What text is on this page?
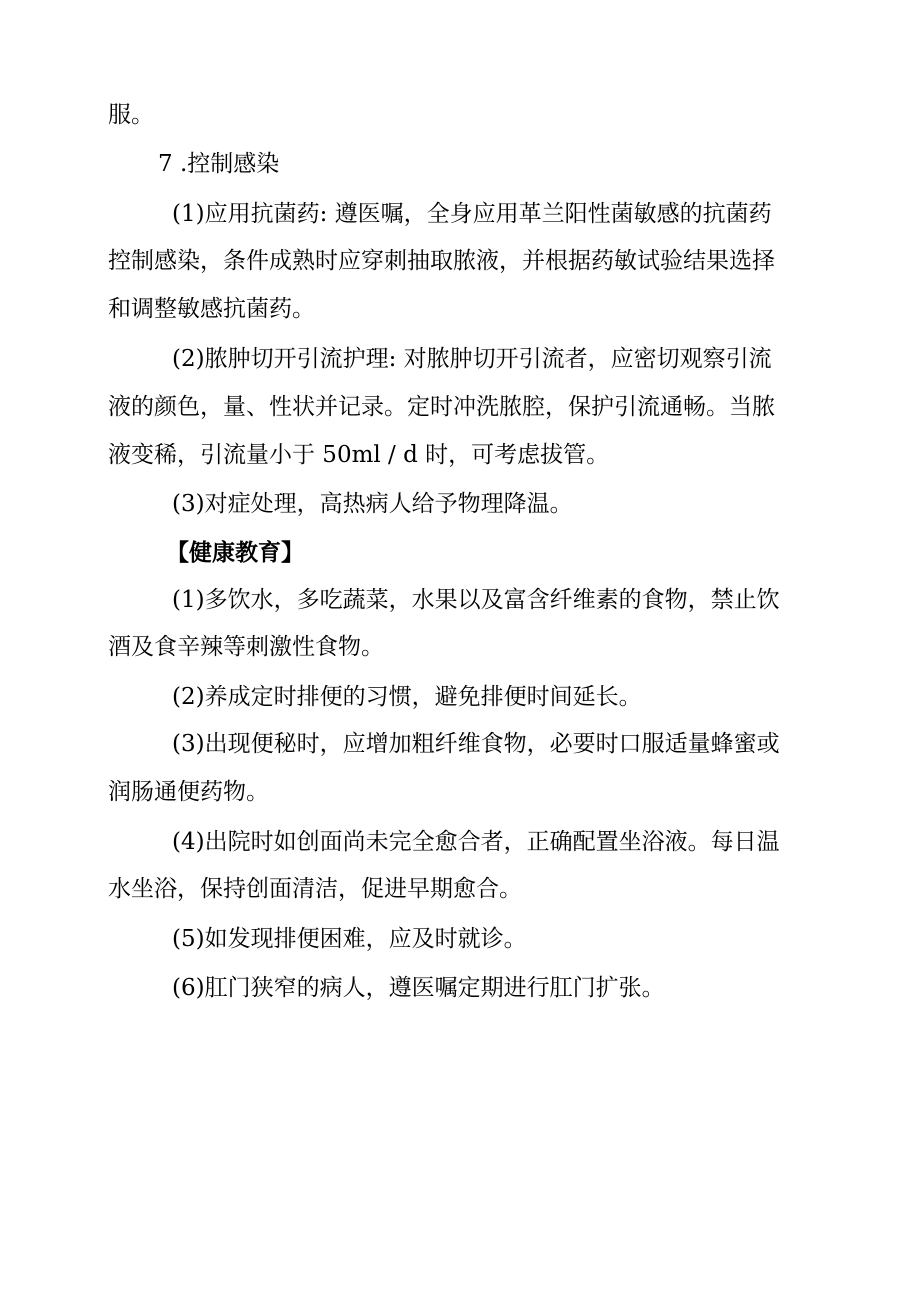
服。
7 .控制感染
(1)应用抗菌药: 遵医嘱，全身应用革兰阳性菌敏感的抗菌药
控制感染，条件成熟时应穿刺抽取脓液，并根据药敏试验结果选择
和调整敏感抗菌药。
(2)脓肿切开引流护理: 对脓肿切开引流者，应密切观察引流
液的颜色，量、性状并记录。定时冲洗脓腔，保护引流通畅。当脓
液变稀，引流量小于 50ml / d 时，可考虑拔管。
(3)对症处理，高热病人给予物理降温。
【健康教育】
(1)多饮水，多吃蔬菜，水果以及富含纤维素的食物，禁止饮
酒及食辛辣等刺激性食物。
(2)养成定时排便的习惯，避免排便时间延长。
(3)出现便秘时，应增加粗纤维食物，必要时口服适量蜂蜜或
润肠通便药物。
(4)出院时如创面尚未完全愈合者，正确配置坐浴液。每日温
水坐浴，保持创面清洁，促进早期愈合。
(5)如发现排便困难，应及时就诊。
(6)肛门狭窄的病人，遵医嘱定期进行肛门扩张。
